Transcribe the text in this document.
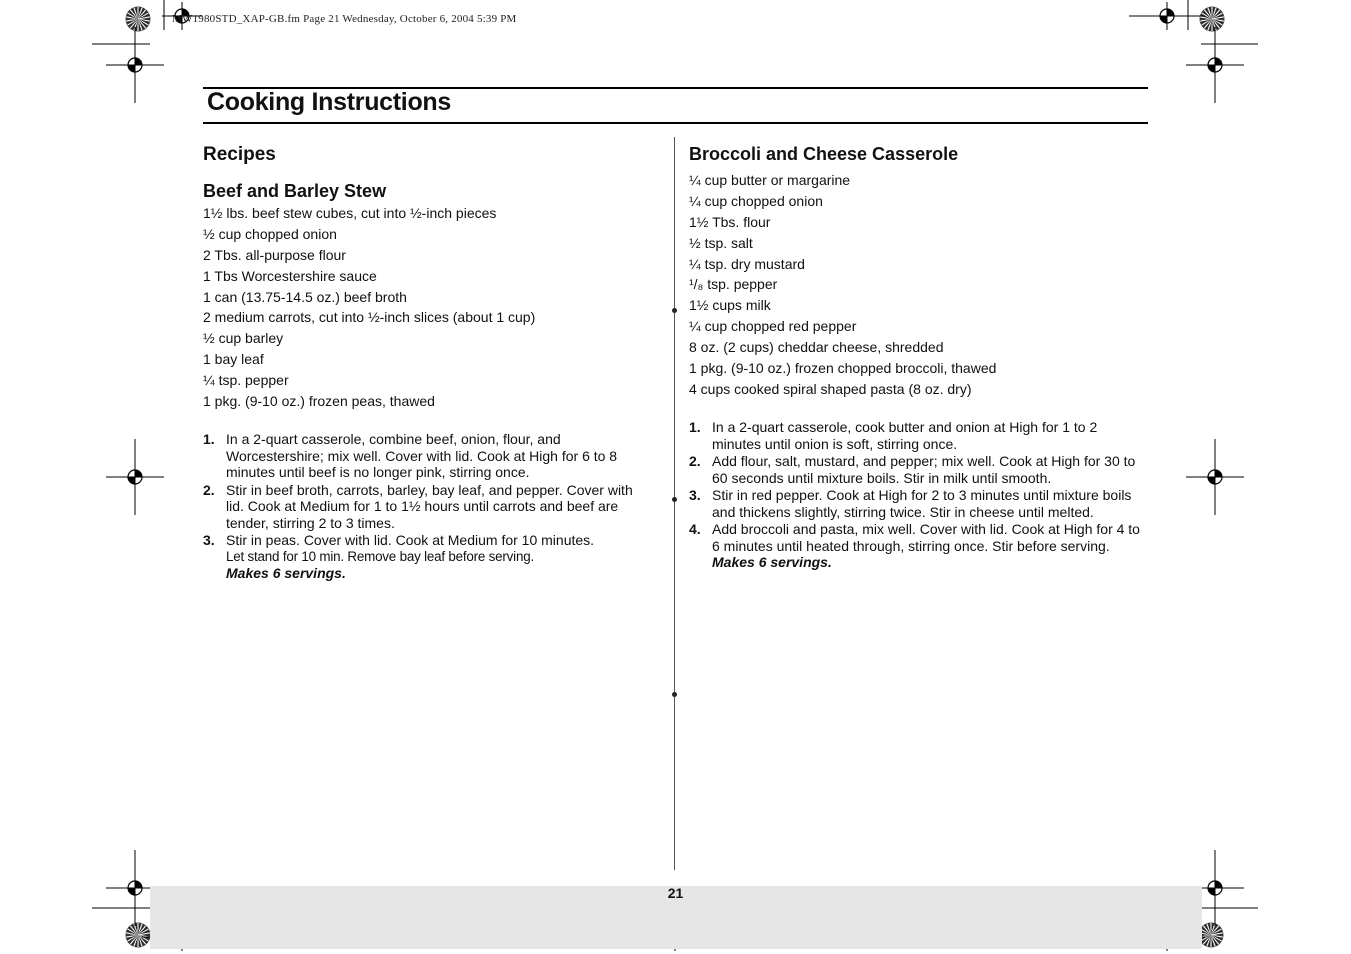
MW1980STD_XAP-GB.fm Page 21 Wednesday, October 6, 2004 5:39 PM
Cooking Instructions
Recipes
Beef and Barley Stew
1½ lbs. beef stew cubes, cut into ½-inch pieces
½ cup chopped onion
2 Tbs. all-purpose flour
1 Tbs Worcestershire sauce
1 can (13.75-14.5 oz.) beef broth
2 medium carrots, cut into ½-inch slices (about 1 cup)
½ cup barley
1 bay leaf
¼ tsp. pepper
1 pkg. (9-10 oz.) frozen peas, thawed
1. In a 2-quart casserole, combine beef, onion, flour, and Worcestershire; mix well. Cover with lid. Cook at High for 6 to 8 minutes until beef is no longer pink, stirring once.
2. Stir in beef broth, carrots, barley, bay leaf, and pepper. Cover with lid. Cook at Medium for 1 to 1½ hours until carrots and beef are tender, stirring 2 to 3 times.
3. Stir in peas. Cover with lid. Cook at Medium for 10 minutes.
Let stand for 10 min. Remove bay leaf before serving.
Makes 6 servings.
Broccoli and Cheese Casserole
¼ cup butter or margarine
¼ cup chopped onion
1½ Tbs. flour
½ tsp. salt
¼ tsp. dry mustard
¹/₈ tsp. pepper
1½ cups milk
¼ cup chopped red pepper
8 oz. (2 cups) cheddar cheese, shredded
1 pkg. (9-10 oz.) frozen chopped broccoli, thawed
4 cups cooked spiral shaped pasta (8 oz. dry)
1. In a 2-quart casserole, cook butter and onion at High for 1 to 2 minutes until onion is soft, stirring once.
2. Add flour, salt, mustard, and pepper; mix well. Cook at High for 30 to 60 seconds until mixture boils. Stir in milk until smooth.
3. Stir in red pepper. Cook at High for 2 to 3 minutes until mixture boils and thickens slightly, stirring twice. Stir in cheese until melted.
4. Add broccoli and pasta, mix well. Cover with lid. Cook at High for 4 to 6 minutes until heated through, stirring once. Stir before serving.
Makes 6 servings.
21
